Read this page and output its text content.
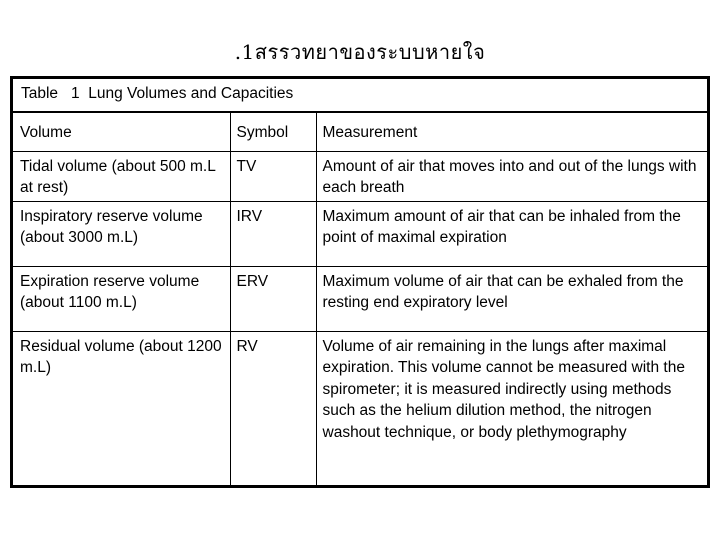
.1สรรวทยาของระบบหายใจ
Table   1  Lung Volumes and Capacities
Volume	Symbol	Measurement
Tidal volume (about 500 m.L at rest)	TV	Amount of air that moves into and out of the lungs with each breath
Inspiratory reserve volume (about 3000 m.L)	IRV	Maximum amount of air that can be inhaled from the point of maximal expiration
Expiration reserve volume (about 1100 m.L)	ERV	Maximum volume of air that can be exhaled from the resting end expiratory level
Residual volume (about 1200 m.L)	RV	Volume of air remaining in the lungs after maximal expiration. This volume cannot be measured with the spirometer; it is measured indirectly using methods such as the helium dilution method, the nitrogen washout technique, or body plethymography
